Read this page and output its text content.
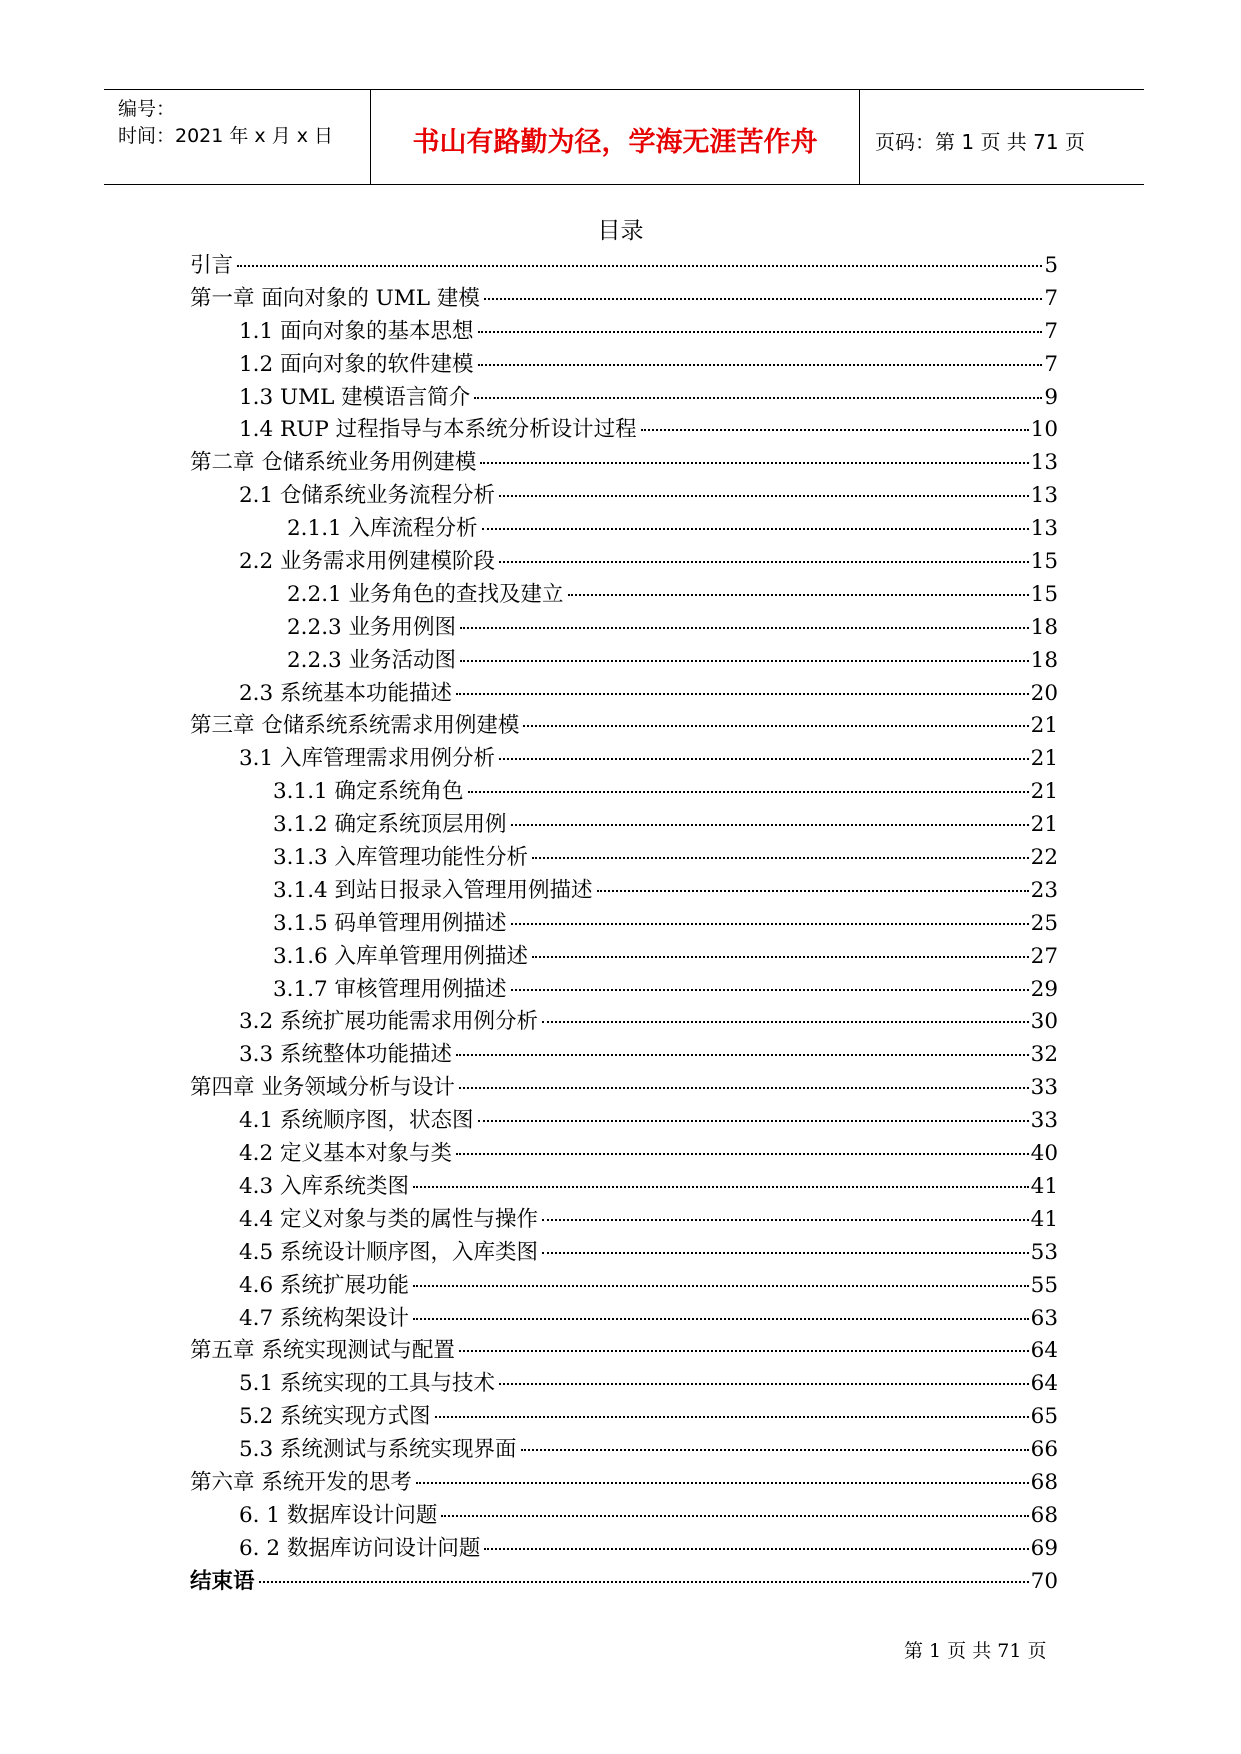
编号：
时间：2021 年 x 月 x 日	书山有路勤为径，学海无涯苦作舟	页码：第 1 页 共 71 页
目录
引言	5
第一章 面向对象的 UML 建模	7
1.1 面向对象的基本思想	7
1.2 面向对象的软件建模	7
1.3 UML 建模语言简介	9
1.4 RUP 过程指导与本系统分析设计过程	10
第二章 仓储系统业务用例建模	13
2.1 仓储系统业务流程分析	13
2.1.1 入库流程分析	13
2.2 业务需求用例建模阶段	15
2.2.1 业务角色的查找及建立	15
2.2.3 业务用例图	18
2.2.3 业务活动图	18
2.3 系统基本功能描述	20
第三章 仓储系统系统需求用例建模	21
3.1 入库管理需求用例分析	21
3.1.1 确定系统角色	21
3.1.2 确定系统顶层用例	21
3.1.3 入库管理功能性分析	22
3.1.4 到站日报录入管理用例描述	23
3.1.5 码单管理用例描述	25
3.1.6 入库单管理用例描述	27
3.1.7 审核管理用例描述	29
3.2 系统扩展功能需求用例分析	30
3.3 系统整体功能描述	32
第四章 业务领域分析与设计	33
4.1 系统顺序图，状态图	33
4.2 定义基本对象与类	40
4.3 入库系统类图	41
4.4 定义对象与类的属性与操作	41
4.5 系统设计顺序图，入库类图	53
4.6 系统扩展功能	55
4.7 系统构架设计	63
第五章 系统实现测试与配置	64
5.1 系统实现的工具与技术	64
5.2 系统实现方式图	65
5.3 系统测试与系统实现界面	66
第六章 系统开发的思考	68
6. 1 数据库设计问题	68
6. 2 数据库访问设计问题	69
结束语	70
第 1 页 共 71 页
